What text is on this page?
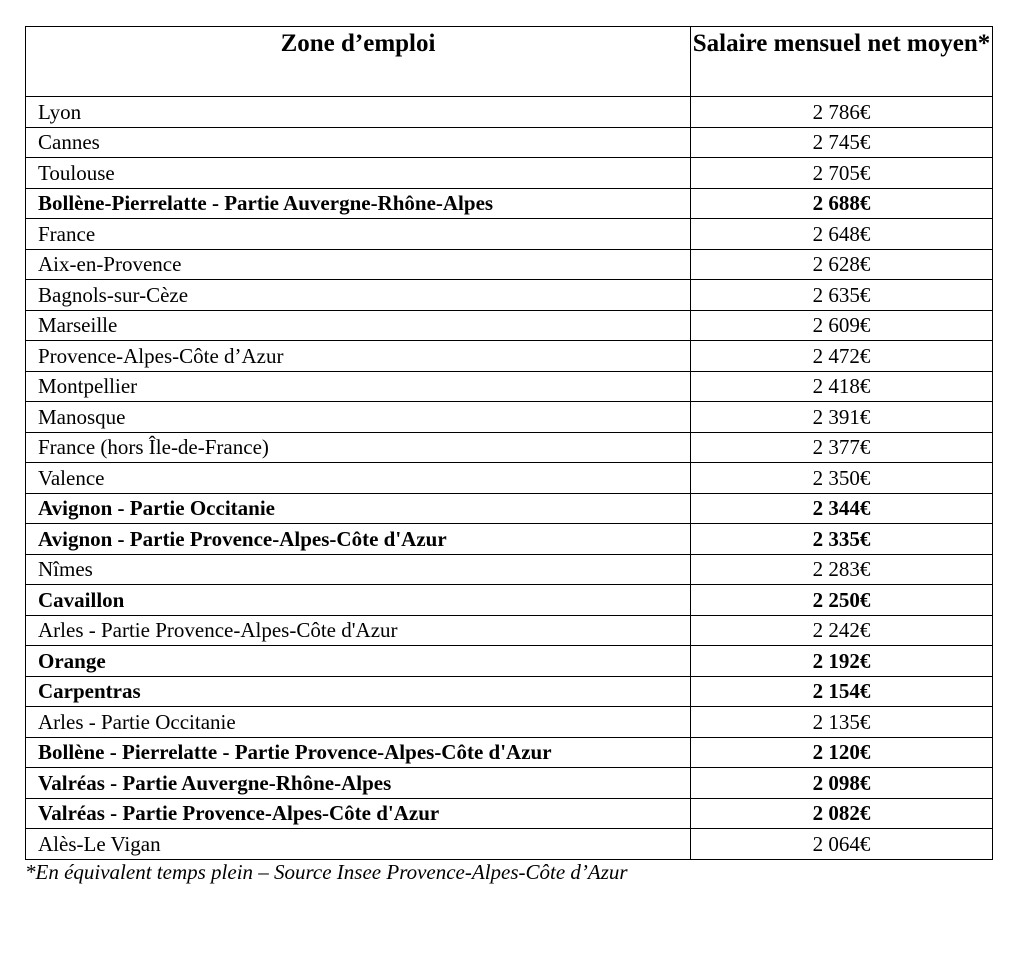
Zone d’emploi	Salaire mensuel net moyen*
Lyon	2 786€
Cannes	2 745€
Toulouse	2 705€
Bollène-Pierrelatte - Partie Auvergne-Rhône-Alpes	2 688€
France	2 648€
Aix-en-Provence	2 628€
Bagnols-sur-Cèze	2 635€
Marseille	2 609€
Provence-Alpes-Côte d’Azur	2 472€
Montpellier	2 418€
Manosque	2 391€
France (hors Île-de-France)	2 377€
Valence	2 350€
Avignon - Partie Occitanie	2 344€
Avignon - Partie Provence-Alpes-Côte d'Azur	2 335€
Nîmes	2 283€
Cavaillon	2 250€
Arles - Partie Provence-Alpes-Côte d'Azur	2 242€
Orange	2 192€
Carpentras	2 154€
Arles - Partie Occitanie	2 135€
Bollène - Pierrelatte - Partie Provence-Alpes-Côte d'Azur	2 120€
Valréas - Partie Auvergne-Rhône-Alpes	2 098€
Valréas - Partie Provence-Alpes-Côte d'Azur	2 082€
Alès-Le Vigan	2 064€
*En équivalent temps plein – Source Insee Provence-Alpes-Côte d’Azur
